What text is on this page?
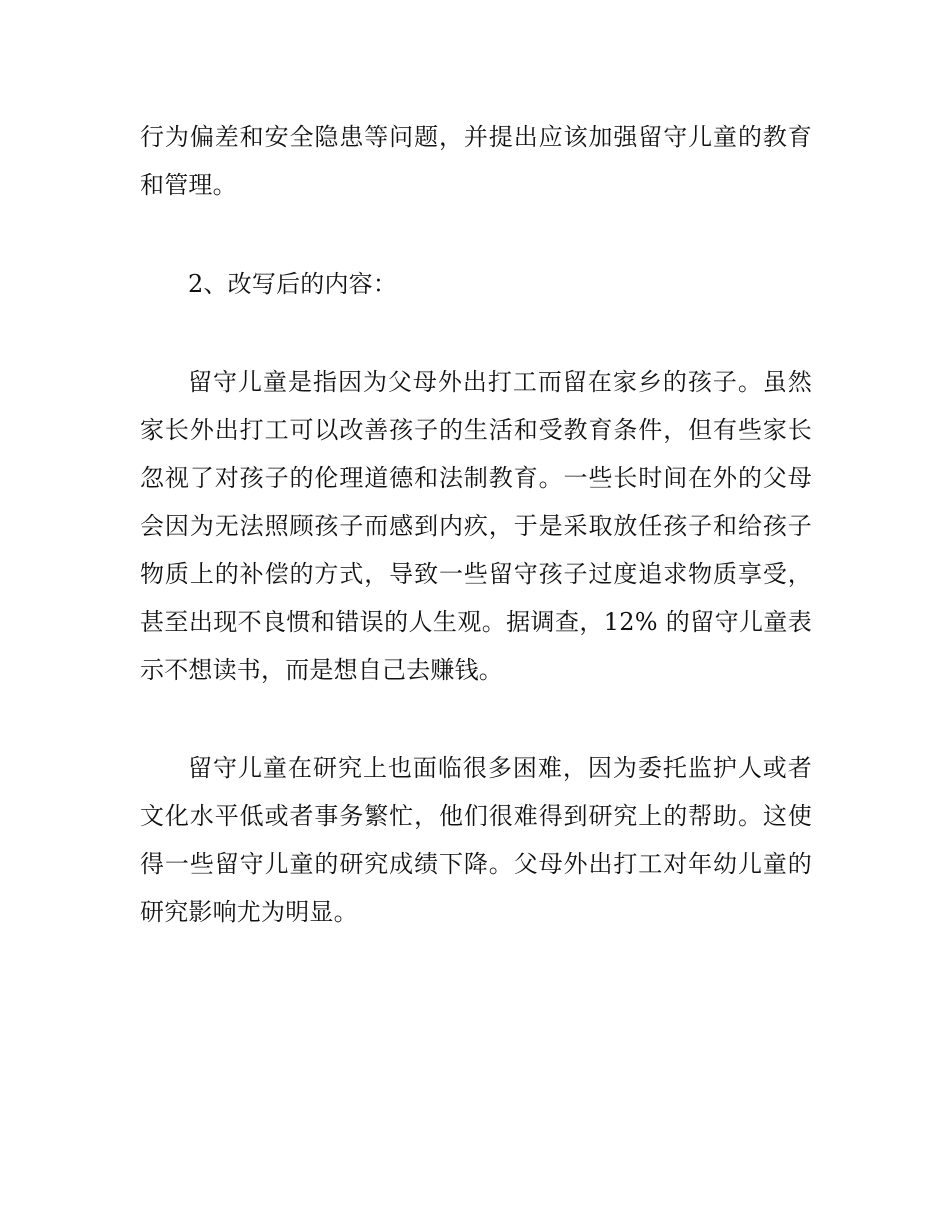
行为偏差和安全隐患等问题，并提出应该加强留守儿童的教育和管理。

2、改写后的内容：

留守儿童是指因为父母外出打工而留在家乡的孩子。虽然家长外出打工可以改善孩子的生活和受教育条件，但有些家长忽视了对孩子的伦理道德和法制教育。一些长时间在外的父母会因为无法照顾孩子而感到内疚，于是采取放任孩子和给孩子物质上的补偿的方式，导致一些留守孩子过度追求物质享受，甚至出现不良惯和错误的人生观。据调查，12% 的留守儿童表示不想读书，而是想自己去赚钱。

留守儿童在研究上也面临很多困难，因为委托监护人或者文化水平低或者事务繁忙，他们很难得到研究上的帮助。这使得一些留守儿童的研究成绩下降。父母外出打工对年幼儿童的研究影响尤为明显。
